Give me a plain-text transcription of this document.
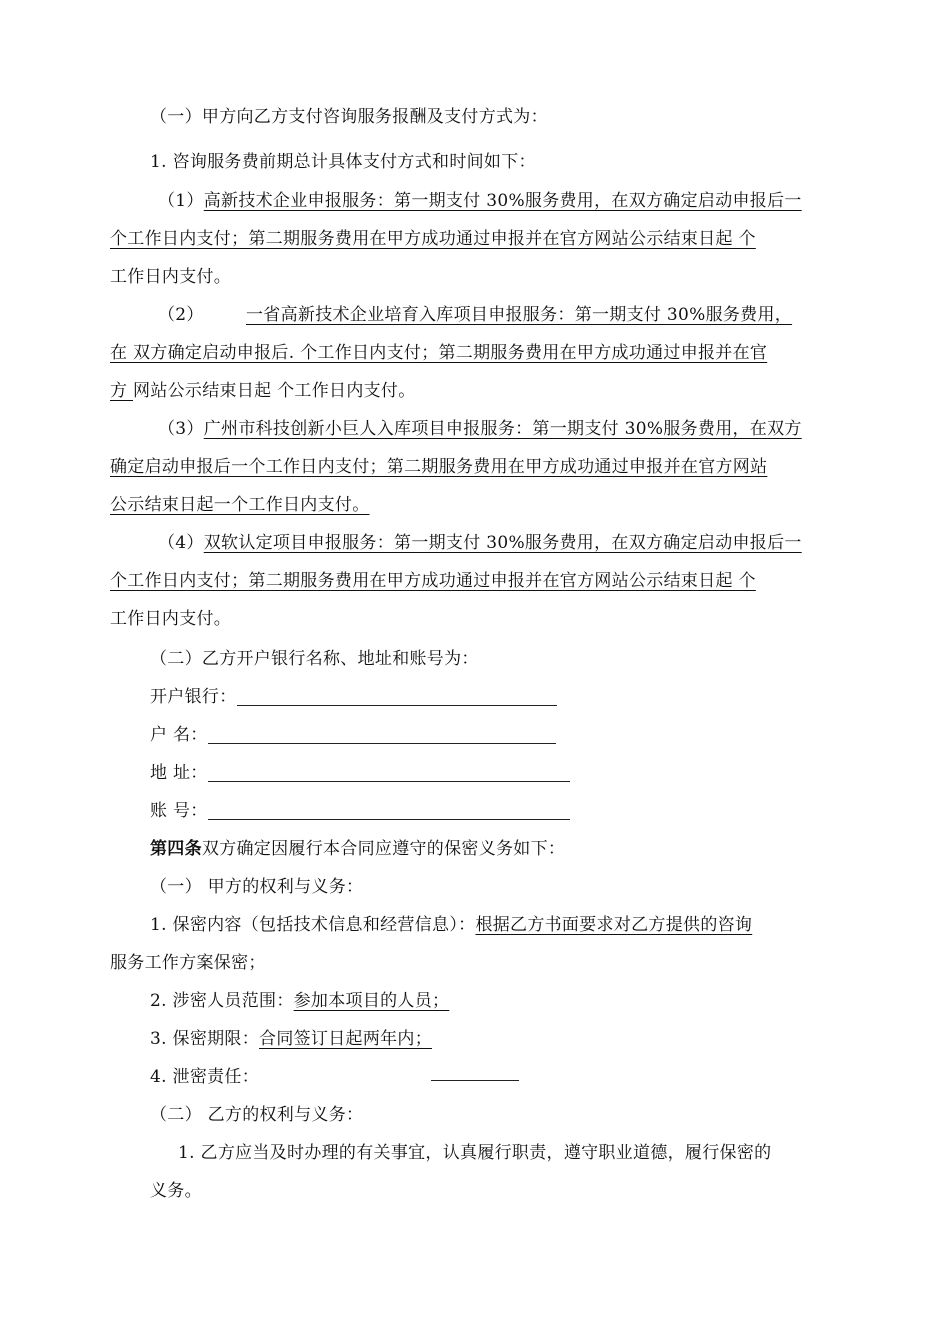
（一）甲方向乙方支付咨询服务报酬及支付方式为：
1. 咨询服务费前期总计具体支付方式和时间如下：
（1）高新技术企业申报服务：第一期支付 30%服务费用，在双方确定启动申报后一
个工作日内支付；第二期服务费用在甲方成功通过申报并在官方网站公示结束日起 个
工作日内支付。
（2） 一省高新技术企业培育入库项目申报服务：第一期支付 30%服务费用，
在 双方确定启动申报后. 个工作日内支付；第二期服务费用在甲方成功通过申报并在官
方 网站公示结束日起 个工作日内支付。
（3）广州市科技创新小巨人入库项目申报服务：第一期支付 30%服务费用，在双方
确定启动申报后一个工作日内支付；第二期服务费用在甲方成功通过申报并在官方网站
公示结束日起一个工作日内支付。
（4）双软认定项目申报服务：第一期支付 30%服务费用，在双方确定启动申报后一
个工作日内支付；第二期服务费用在甲方成功通过申报并在官方网站公示结束日起 个
工作日内支付。
（二）乙方开户银行名称、地址和账号为：
开户银行：
户 名：
地 址：
账 号：
第四条双方确定因履行本合同应遵守的保密义务如下：
（一） 甲方的权利与义务：
1. 保密内容（包括技术信息和经营信息）：根据乙方书面要求对乙方提供的咨询
服务工作方案保密；
2. 涉密人员范围：参加本项目的人员；
3. 保密期限：合同签订日起两年内；
4. 泄密责任：
（二） 乙方的权利与义务：
1. 乙方应当及时办理的有关事宜，认真履行职责，遵守职业道德，履行保密的
义务。
